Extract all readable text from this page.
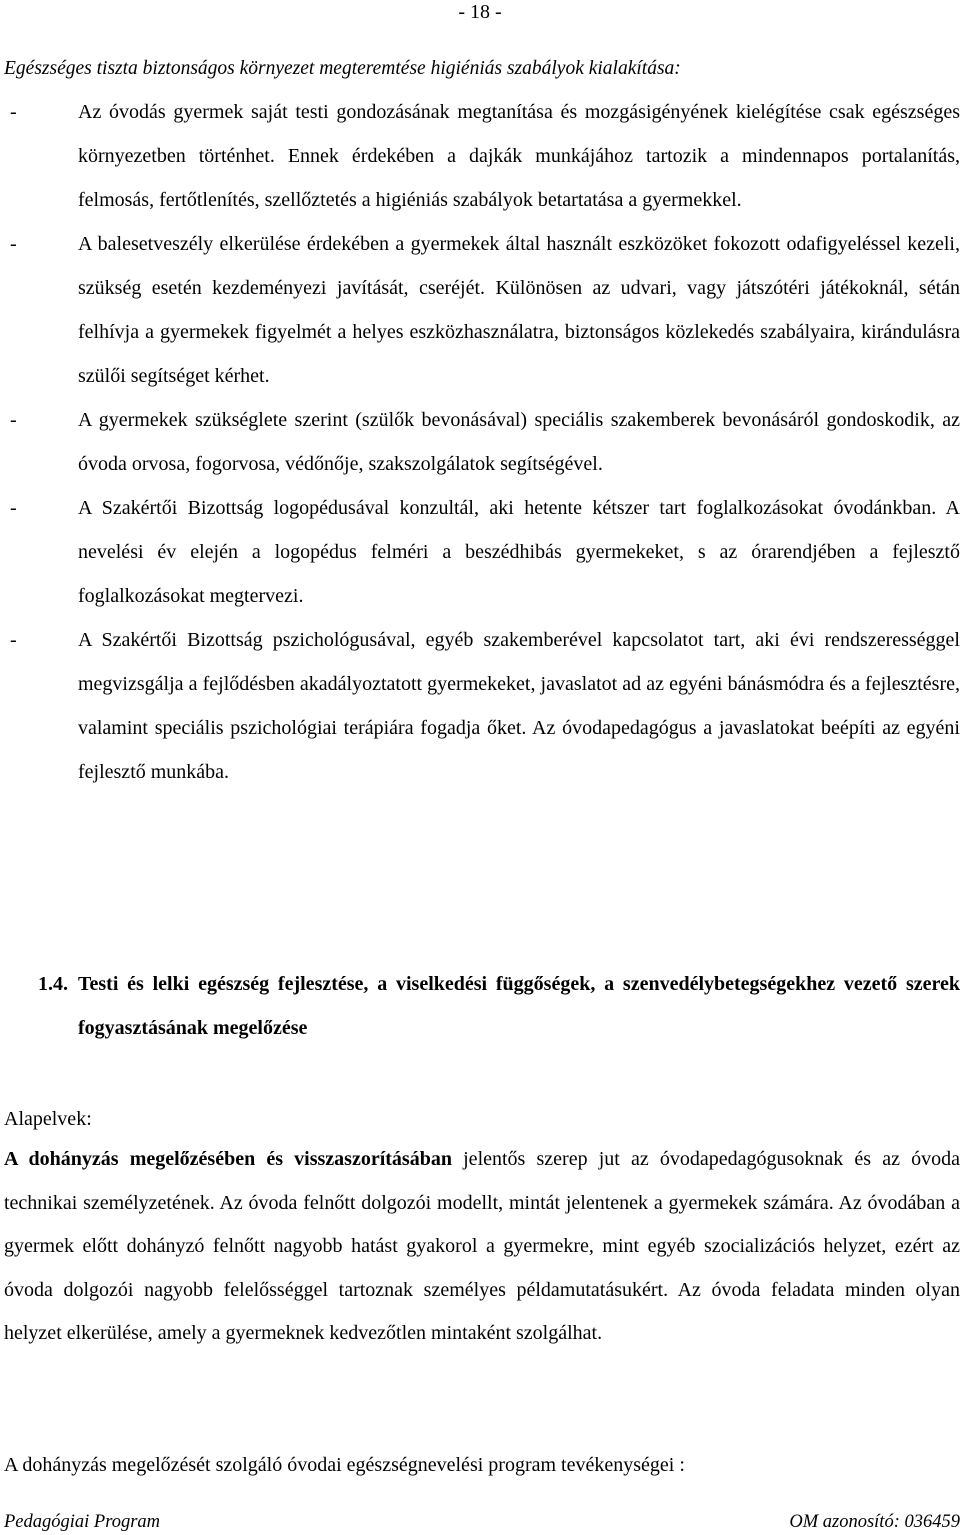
- 18 -
Egészséges tiszta biztonságos környezet megteremtése higiéniás szabályok kialakítása:
-	Az óvodás gyermek saját testi gondozásának megtanítása és mozgásigényének kielégítése csak egészséges környezetben történhet. Ennek érdekében a dajkák munkájához tartozik a mindennapos portalanítás, felmosás, fertőtlenítés, szellőztetés a higiéniás szabályok betartatása a gyermekkel.
-	A balesetveszély elkerülése érdekében a gyermekek által használt eszközöket fokozott odafigyeléssel kezeli, szükség esetén kezdeményezi javítását, cseréjét. Különösen az udvari, vagy játszótéri játékoknál, sétán felhívja a gyermekek figyelmét a helyes eszközhasználatra, biztonságos közlekedés szabályaira, kirándulásra szülői segítséget kérhet.
-	A gyermekek szükséglete szerint (szülők bevonásával) speciális szakemberek bevonásáról gondoskodik, az óvoda orvosa, fogorvosa, védőnője, szakszolgálatok segítségével.
-	A Szakértői Bizottság logopédusával konzultál, aki hetente kétszer tart foglalkozásokat óvodánkban. A nevelési év elején a logopédus felméri a beszédhibás gyermekeket, s az órarendjében a fejlesztő foglalkozásokat megtervezi.
-	A Szakértői Bizottság pszichológusával, egyéb szakemberével kapcsolatot tart, aki évi rendszerességgel megvizsgálja a fejlődésben akadályoztatott gyermekeket, javaslatot ad az egyéni bánásmódra és a fejlesztésre, valamint speciális pszichológiai terápiára fogadja őket. Az óvodapedagógus a javaslatokat beépíti az egyéni fejlesztő munkába.
1.4. Testi és lelki egészség fejlesztése, a viselkedési függőségek, a szenvedélybetegségekhez vezető szerek fogyasztásának megelőzése
Alapelvek:

A dohányzás megelőzésében és visszaszorításában jelentős szerep jut az óvodapedagógusoknak és az óvoda technikai személyzetének. Az óvoda felnőtt dolgozói modellt, mintát jelentenek a gyermekek számára. Az óvodában a gyermek előtt dohányzó felnőtt nagyobb hatást gyakorol a gyermekre, mint egyéb szocializációs helyzet, ezért az óvoda dolgozói nagyobb felelősséggel tartoznak személyes példamutatásukért. Az óvoda feladata minden olyan helyzet elkerülése, amely a gyermeknek kedvezőtlen mintaként szolgálhat.

A dohányzás megelőzését szolgáló óvodai egészségnevelési program tevékenységei :
Pedagógiai Program	OM azonosító: 036459
